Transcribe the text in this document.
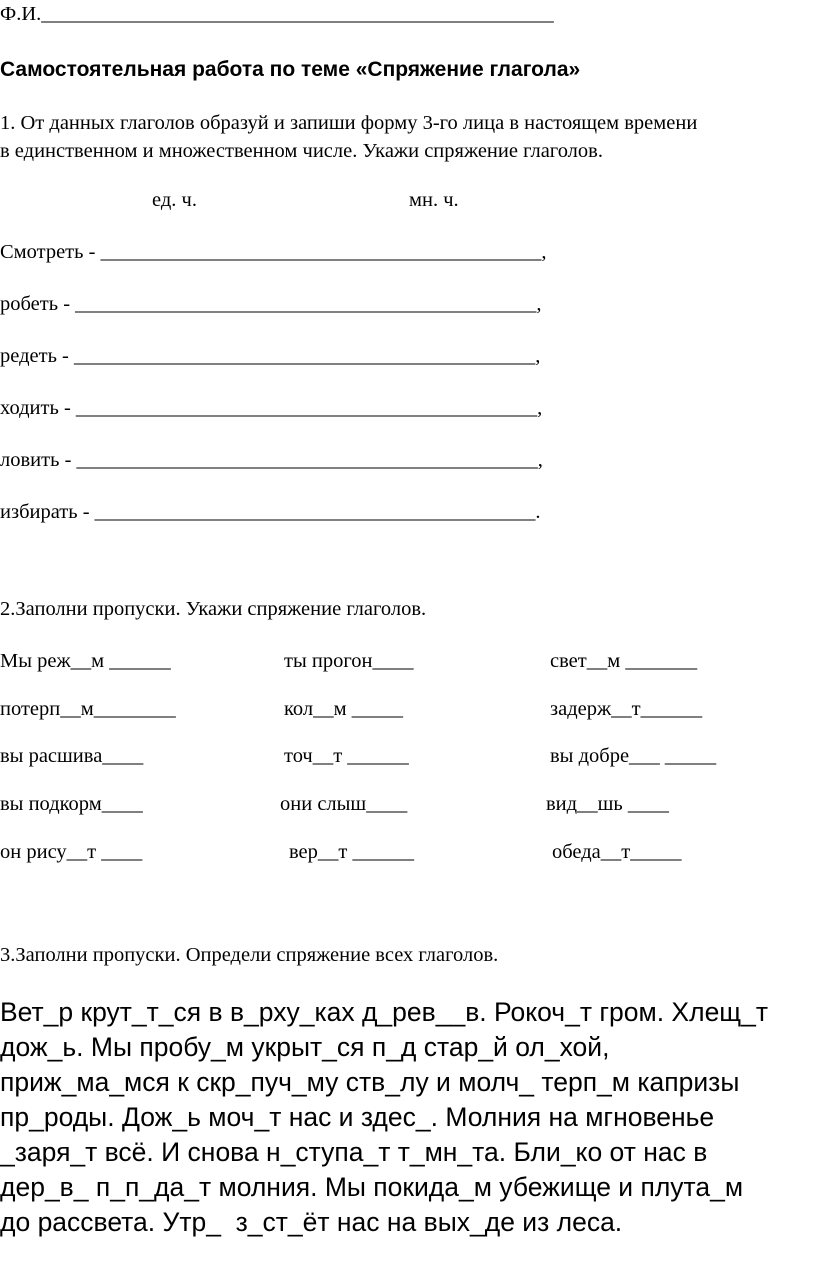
Ф.И.__________________________________________________
Самостоятельная работа по теме «Спряжение глагола»
1. От данных глаголов образуй и запиши форму 3-го лица в настоящем времени
в единственном и множественном числе. Укажи спряжение глаголов.
ед. ч.	мн. ч.
Смотреть - ___________________________________________,
робеть - _____________________________________________,
редеть - _____________________________________________,
ходить - _____________________________________________,
ловить - _____________________________________________,
избирать - ___________________________________________.
2.Заполни пропуски. Укажи спряжение глаголов.
Мы реж__м ______	ты прогон____	свет__м _______
потерп__м________	кол__м _____	задерж__т______
вы расшива____	точ__т ______	вы добре___ _____
вы подкорм____	они слыш____	вид__шь ____
он рису__т ____	вер__т ______	обеда__т_____
3.Заполни пропуски. Определи спряжение всех глаголов.
Вет_р крут_т_ся в в_рху_ках д_рев__в. Рокоч_т гром. Хлещ_т
дож_ь. Мы пробу_м укрыт_ся п_д стар_й ол_хой,
приж_ма_мся к скр_пуч_му ств_лу и молч_ терп_м капризы
пр_роды. Дож_ь моч_т нас и здес_. Молния на мгновенье
_заря_т всё. И снова н_ступа_т т_мн_та. Бли_ко от нас в
дер_в_ п_п_да_т молния. Мы покида_м убежище и плута_м
до рассвета. Утр_  з_ст_ёт нас на вых_де из леса.
